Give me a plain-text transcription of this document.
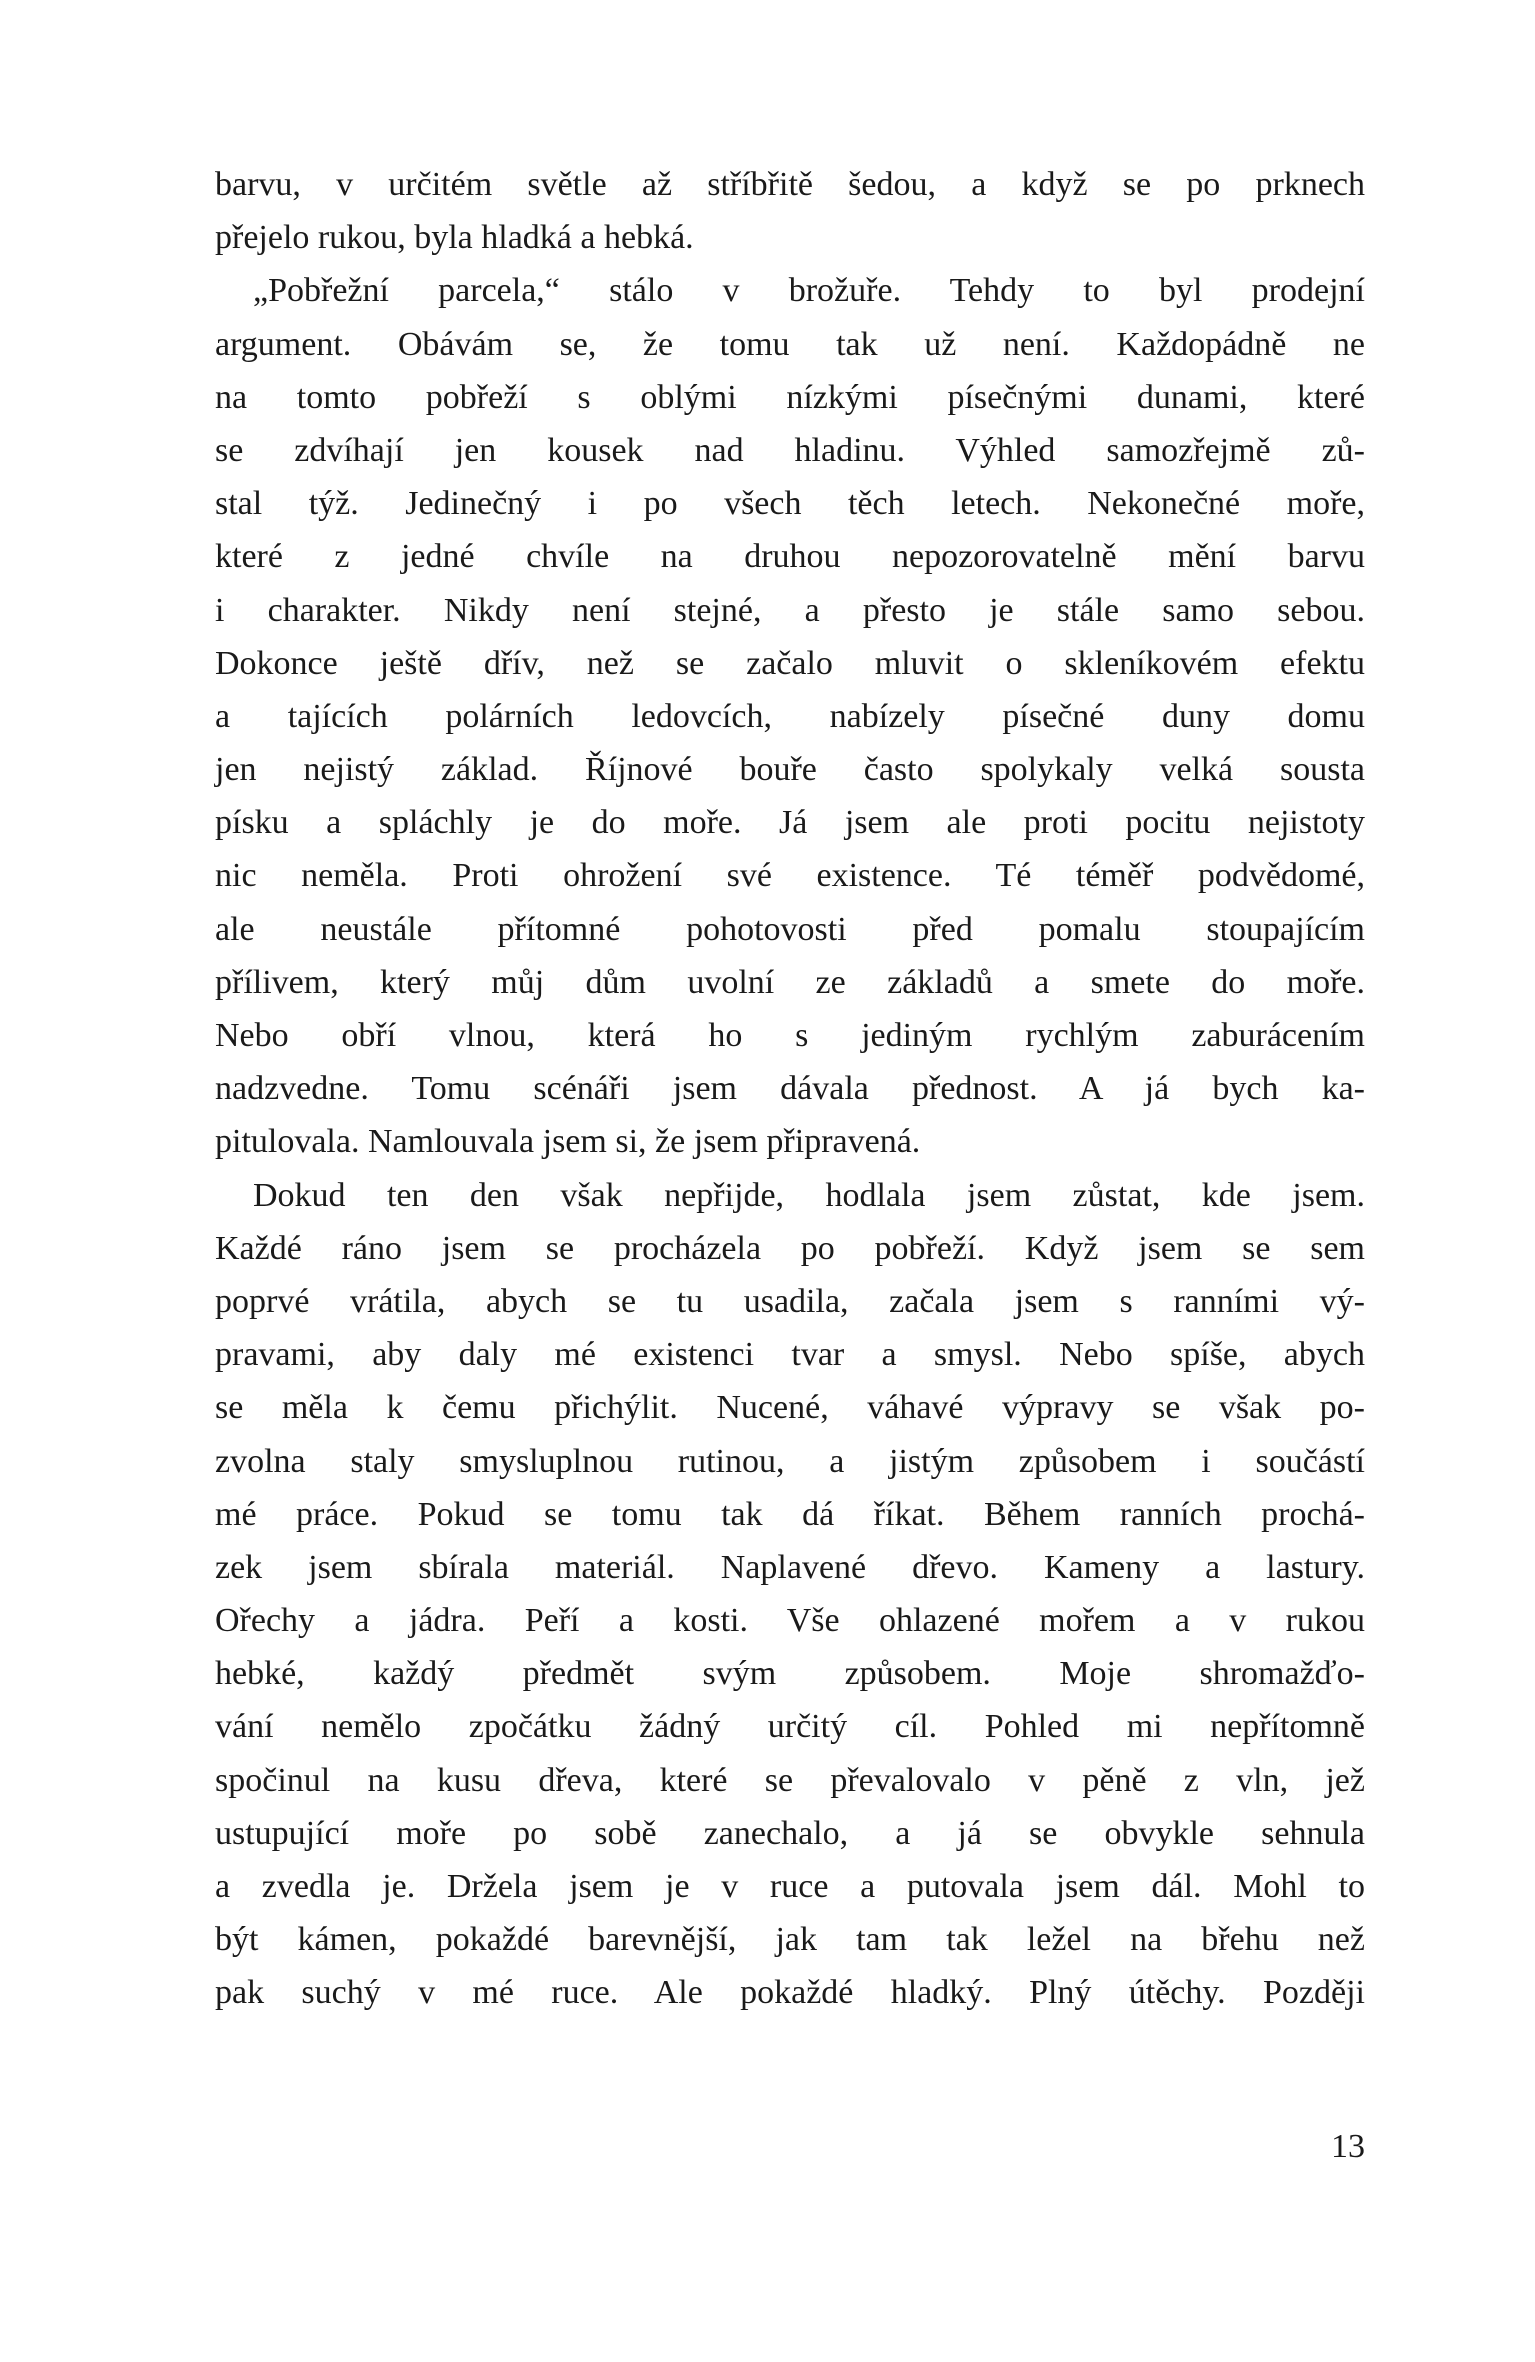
barvu, v určitém světle až stříbřitě šedou, a když se po prknech
přejelo rukou, byla hladká a hebká.
„Pobřežní parcela,“ stálo v brožuře. Tehdy to byl prodejní
argument. Obávám se, že tomu tak už není. Každopádně ne
na tomto pobřeží s oblými nízkými písečnými dunami, které
se zdvíhají jen kousek nad hladinu. Výhled samozřejmě zů-
stal týž. Jedinečný i po všech těch letech. Nekonečné moře,
které z jedné chvíle na druhou nepozorovatelně mění barvu
i charakter. Nikdy není stejné, a přesto je stále samo sebou.
Dokonce ještě dřív, než se začalo mluvit o skleníkovém efektu
a tajících polárních ledovcích, nabízely písečné duny domu
jen nejistý základ. Říjnové bouře často spolykaly velká sousta
písku a spláchly je do moře. Já jsem ale proti pocitu nejistoty
nic neměla. Proti ohrožení své existence. Té téměř podvědomé,
ale neustále přítomné pohotovosti před pomalu stoupajícím
přílivem, který můj dům uvolní ze základů a smete do moře.
Nebo obří vlnou, která ho s jediným rychlým zaburácením
nadzvedne. Tomu scénáři jsem dávala přednost. A já bych ka-
pitulovala. Namlouvala jsem si, že jsem připravená.
Dokud ten den však nepřijde, hodlala jsem zůstat, kde jsem.
Každé ráno jsem se procházela po pobřeží. Když jsem se sem
poprvé vrátila, abych se tu usadila, začala jsem s ranními vý-
pravami, aby daly mé existenci tvar a smysl. Nebo spíše, abych
se měla k čemu přichýlit. Nucené, váhavé výpravy se však po-
zvolna staly smysluplnou rutinou, a jistým způsobem i součástí
mé práce. Pokud se tomu tak dá říkat. Během ranních prochá-
zek jsem sbírala materiál. Naplavené dřevo. Kameny a lastury.
Ořechy a jádra. Peří a kosti. Vše ohlazené mořem a v rukou
hebké, každý předmět svým způsobem. Moje shromažďo-
vání nemělo zpočátku žádný určitý cíl. Pohled mi nepřítomně
spočinul na kusu dřeva, které se převalovalo v pěně z vln, jež
ustupující moře po sobě zanechalo, a já se obvykle sehnula
a zvedla je. Držela jsem je v ruce a putovala jsem dál. Mohl to
být kámen, pokaždé barevnější, jak tam tak ležel na břehu než
pak suchý v mé ruce. Ale pokaždé hladký. Plný útěchy. Později
13
